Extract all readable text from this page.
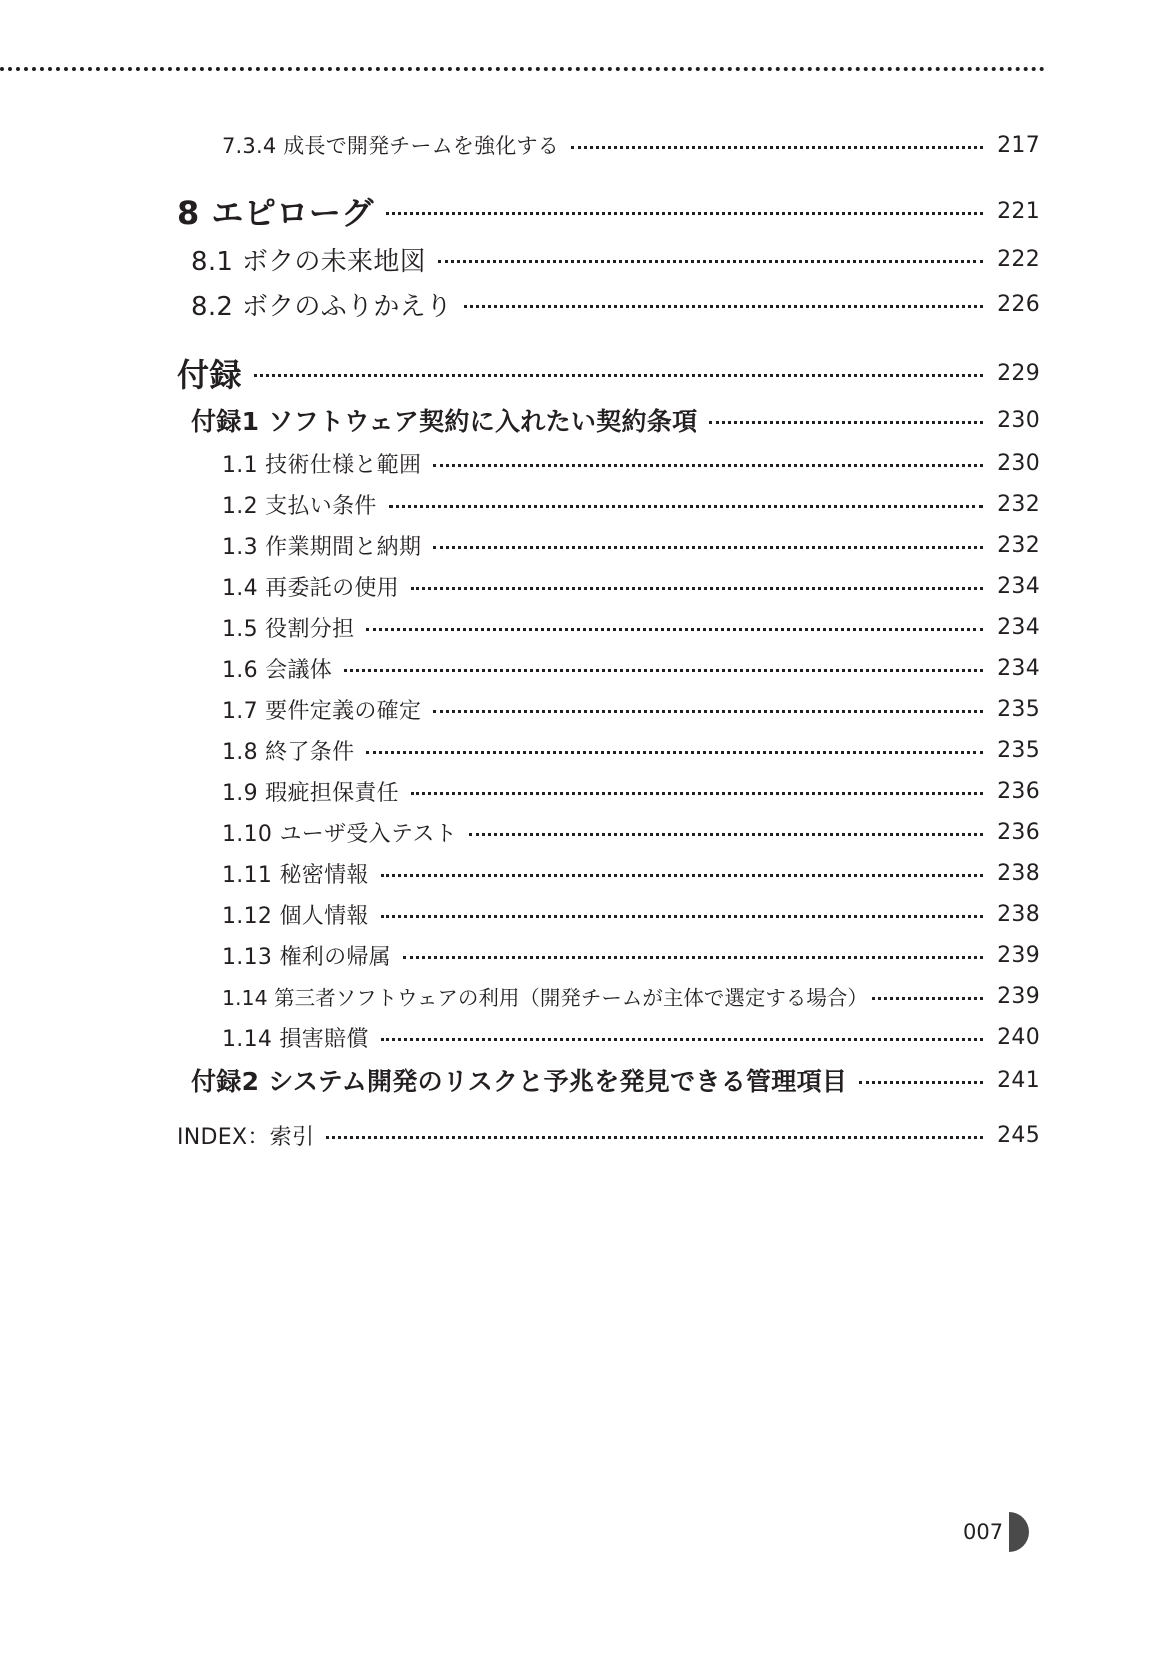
7.3.4 成長で開発チームを強化する	217
8 エピローグ	221
8.1 ボクの未来地図	222
8.2 ボクのふりかえり	226
付録	229
付録1 ソフトウェア契約に入れたい契約条項	230
1.1 技術仕様と範囲	230
1.2 支払い条件	232
1.3 作業期間と納期	232
1.4 再委託の使用	234
1.5 役割分担	234
1.6 会議体	234
1.7 要件定義の確定	235
1.8 終了条件	235
1.9 瑕疵担保責任	236
1.10 ユーザ受入テスト	236
1.11 秘密情報	238
1.12 個人情報	238
1.13 権利の帰属	239
1.14 第三者ソフトウェアの利用（開発チームが主体で選定する場合）	239
1.14 損害賠償	240
付録2 システム開発のリスクと予兆を発見できる管理項目	241
INDEX：索引	245
007
